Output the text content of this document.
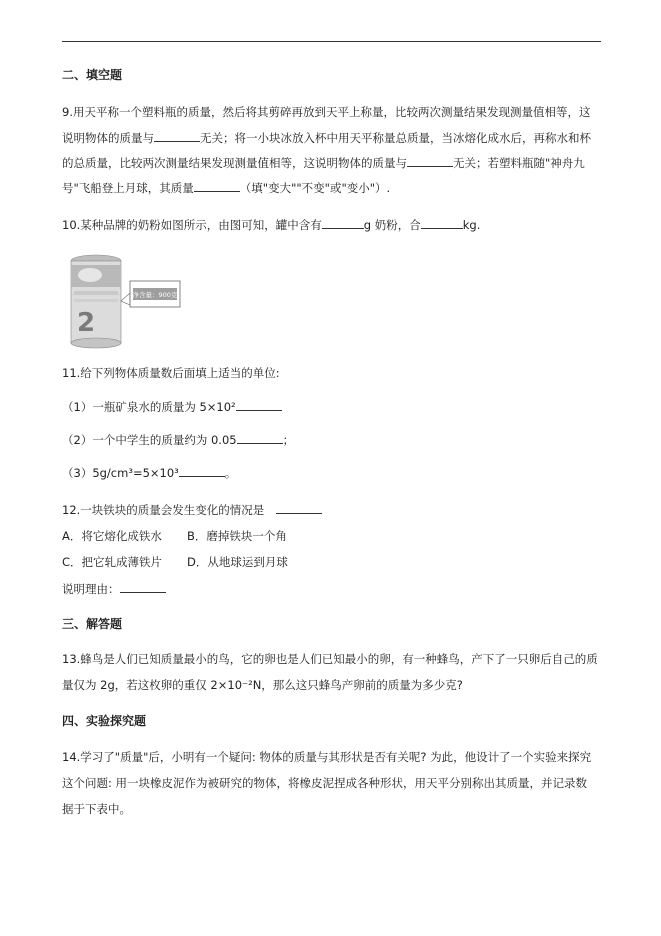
二、填空题
9.用天平称一个塑料瓶的质量，然后将其剪碎再放到天平上称量，比较两次测量结果发现测量值相等，这
说明物体的质量与	无关；将一小块冰放入杯中用天平称量总质量，当冰熔化成水后，再称水和杯
的总质量，比较两次测量结果发现测量值相等，这说明物体的质量与	无关；若塑料瓶随"神舟九
号"飞船登上月球，其质量	（填"变大""不变"或"变小"）.
10.某种品牌的奶粉如图所示，由图可知，罐中含有	g 奶粉，合	kg.
2
净含量：900克
11.给下列物体质量数后面填上适当的单位:
（1）一瓶矿泉水的质量为 5×10²
（2）一个中学生的质量约为 0.05	；
（3）5g/cm³=5×10³	。
12.一块铁块的质量会发生变化的情况是
A．将它熔化成铁水 B．磨掉铁块一个角
C．把它轧成薄铁片 D．从地球运到月球
说明理由：
三、解答题
13.蜂鸟是人们已知质量最小的鸟，它的卵也是人们已知最小的卵，有一种蜂鸟，产下了一只卵后自己的质
量仅为 2g，若这枚卵的重仅 2×10⁻²N，那么这只蜂鸟产卵前的质量为多少克?
四、实验探究题
14.学习了"质量"后，小明有一个疑问: 物体的质量与其形状是否有关呢? 为此，他设计了一个实验来探究
这个问题: 用一块橡皮泥作为被研究的物体，将橡皮泥捏成各种形状，用天平分别称出其质量，并记录数
据于下表中。
